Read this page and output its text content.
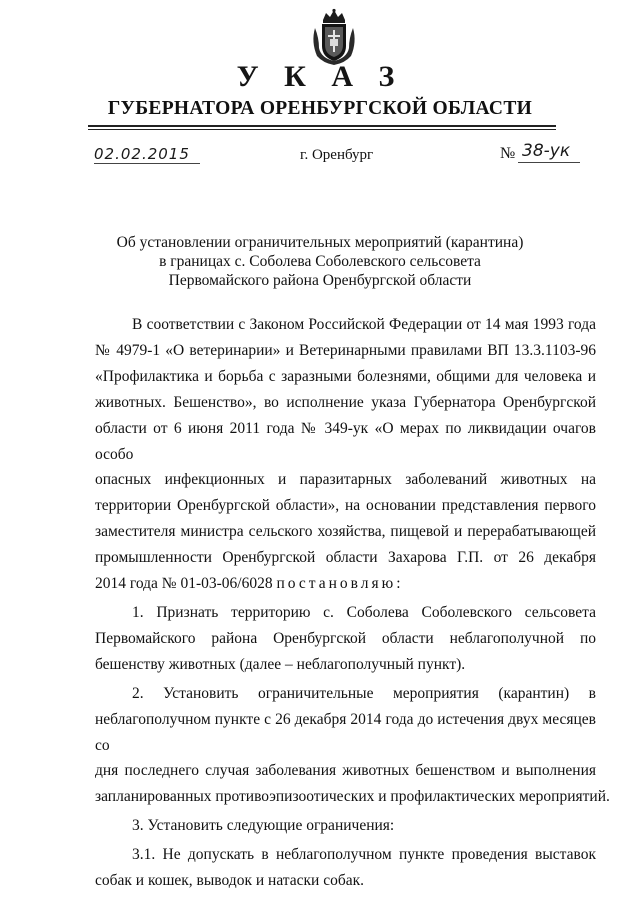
У К А З
ГУБЕРНАТОРА ОРЕНБУРГСКОЙ ОБЛАСТИ
02.02.2015	г. Оренбург	№ 38-ук
Об установлении ограничительных мероприятий (карантина)
в границах с. Соболева Соболевского сельсовета
Первомайского района Оренбургской области

В соответствии с Законом Российской Федерации от 14 мая 1993 года
№ 4979-1 «О ветеринарии» и Ветеринарными правилами ВП 13.3.1103-96
«Профилактика и борьба с заразными болезнями, общими для человека и
животных. Бешенство», во исполнение указа Губернатора Оренбургской
области от 6 июня 2011 года № 349-ук «О мерах по ликвидации очагов особо
опасных инфекционных и паразитарных заболеваний животных на
территории Оренбургской области», на основании представления первого
заместителя министра сельского хозяйства, пищевой и перерабатывающей
промышленности Оренбургской области Захарова Г.П. от 26 декабря
2014 года № 01-03-06/6028 постановляю:

1. Признать территорию с. Соболева Соболевского сельсовета
Первомайского района Оренбургской области неблагополучной по
бешенству животных (далее – неблагополучный пункт).

2. Установить ограничительные мероприятия (карантин) в
неблагополучном пункте с 26 декабря 2014 года до истечения двух месяцев со
дня последнего случая заболевания животных бешенством и выполнения
запланированных противоэпизоотических и профилактических мероприятий.

3. Установить следующие ограничения:

3.1. Не допускать в неблагополучном пункте проведения выставок
собак и кошек, выводок и натаски собак.
